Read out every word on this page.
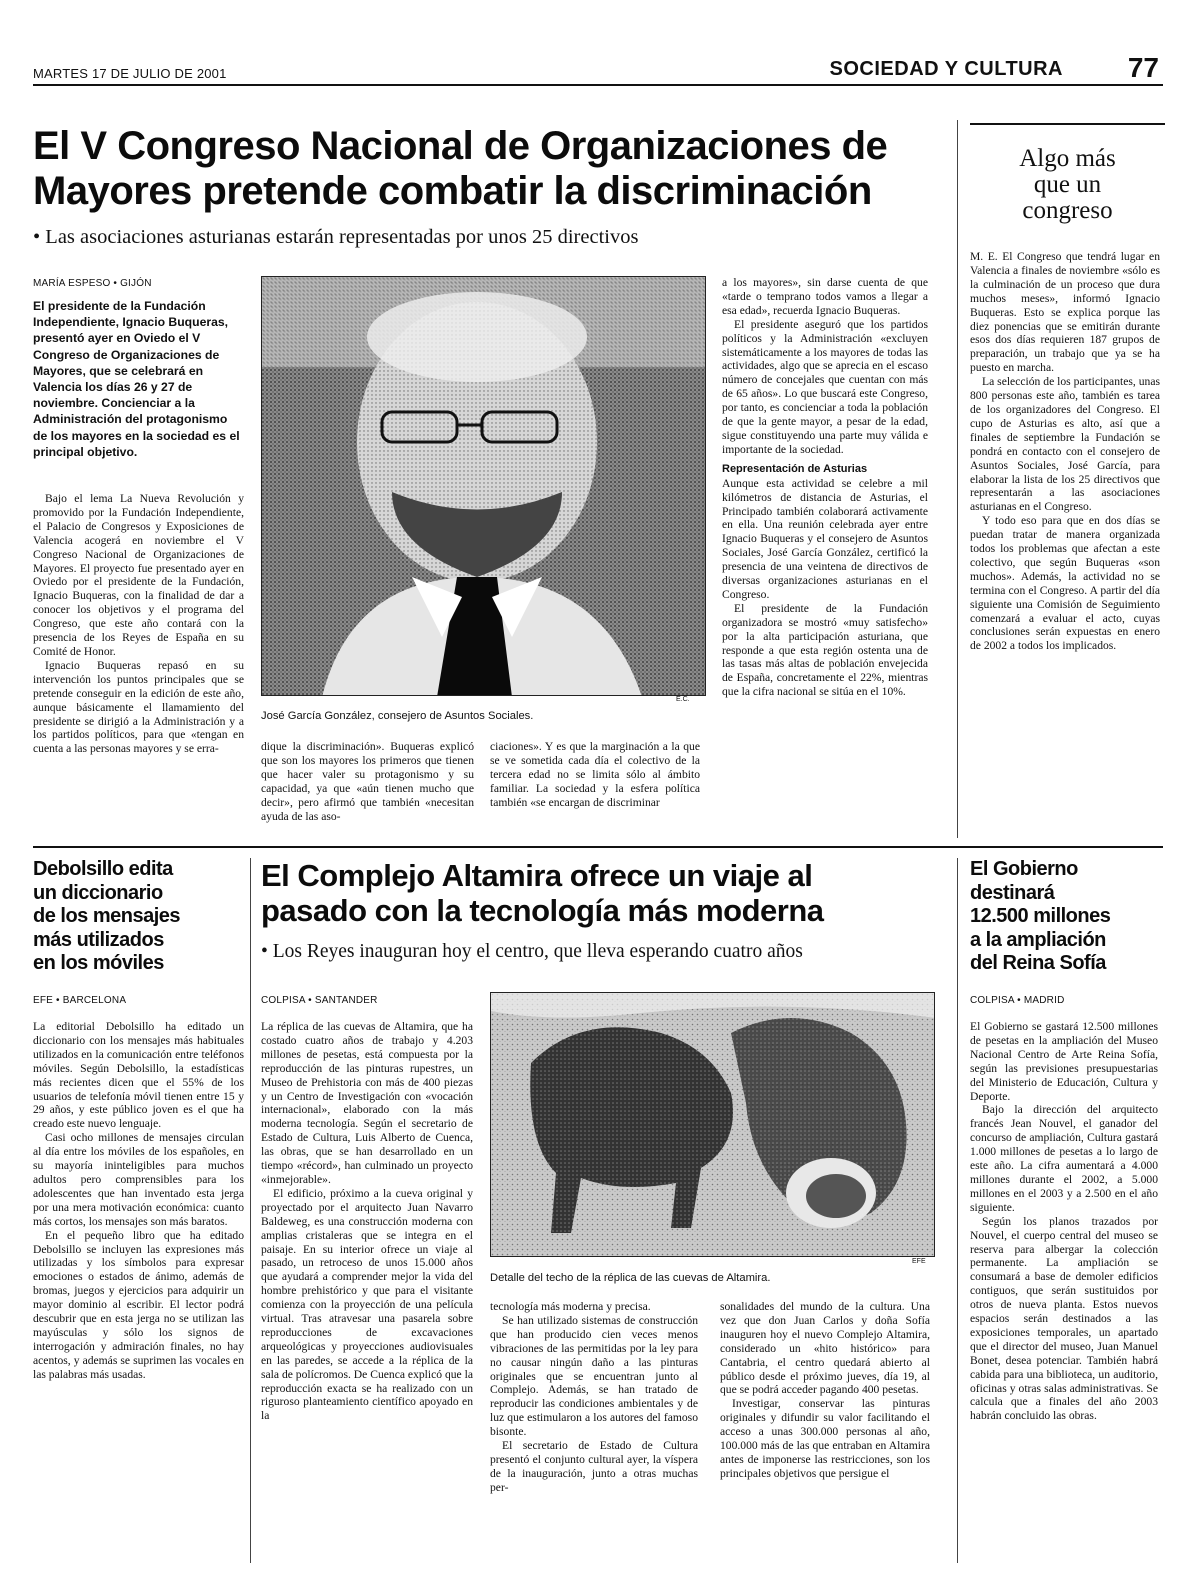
MARTES 17 DE JULIO DE 2001	SOCIEDAD Y CULTURA 77
El V Congreso Nacional de Organizaciones de
Mayores pretende combatir la discriminación
• Las asociaciones asturianas estarán representadas por unos 25 directivos
MARÍA ESPESO • GIJÓN
El presidente de la Fundación Independiente, Ignacio Buqueras, presentó ayer en Oviedo el V Congreso de Organizaciones de Mayores, que se celebrará en Valencia los días 26 y 27 de noviembre. Concienciar a la Administración del protagonismo de los mayores en la sociedad es el principal objetivo.

Bajo el lema La Nueva Revolución y promovido por la Fundación Independiente, el Palacio de Congresos y Exposiciones de Valencia acogerá en noviembre el V Congreso Nacional de Organizaciones de Mayores. El proyecto fue presentado ayer en Oviedo por el presidente de la Fundación, Ignacio Buqueras, con la finalidad de dar a conocer los objetivos y el programa del Congreso, que este año contará con la presencia de los Reyes de España en su Comité de Honor.

Ignacio Buqueras repasó en su intervención los puntos principales que se pretende conseguir en la edición de este año, aunque básicamente el llamamiento del presidente se dirigió a la Administración y a los partidos políticos, para que «tengan en cuenta a las personas mayores y se erra-

E.C.
José García González, consejero de Asuntos Sociales.

dique la discriminación». Buqueras explicó que son los mayores los primeros que tienen que hacer valer su protagonismo y su capacidad, ya que «aún tienen mucho que decir», pero afirmó que también «necesitan ayuda de las aso-

ciaciones». Y es que la marginación a la que se ve sometida cada día el colectivo de la tercera edad no se limita sólo al ámbito familiar. La sociedad y la esfera política también «se encargan de discriminar

a los mayores», sin darse cuenta de que «tarde o temprano todos vamos a llegar a esa edad», recuerda Ignacio Buqueras.

El presidente aseguró que los partidos políticos y la Administración «excluyen sistemáticamente a los mayores de todas las actividades, algo que se aprecia en el escaso número de concejales que cuentan con más de 65 años». Lo que buscará este Congreso, por tanto, es concienciar a toda la población de que la gente mayor, a pesar de la edad, sigue constituyendo una parte muy válida e importante de la sociedad.

Representación de Asturias

Aunque esta actividad se celebre a mil kilómetros de distancia de Asturias, el Principado también colaborará activamente en ella. Una reunión celebrada ayer entre Ignacio Buqueras y el consejero de Asuntos Sociales, José García González, certificó la presencia de una veintena de directivos de diversas organizaciones asturianas en el Congreso.

El presidente de la Fundación organizadora se mostró «muy satisfecho» por la alta participación asturiana, que responde a que esta región ostenta una de las tasas más altas de población envejecida de España, concretamente el 22%, mientras que la cifra nacional se sitúa en el 10%.

Algo más
que un
congreso

M. E. El Congreso que tendrá lugar en Valencia a finales de noviembre «sólo es la culminación de un proceso que dura muchos meses», informó Ignacio Buqueras. Esto se explica porque las diez ponencias que se emitirán durante esos dos días requieren 187 grupos de preparación, un trabajo que ya se ha puesto en marcha.

La selección de los participantes, unas 800 personas este año, también es tarea de los organizadores del Congreso. El cupo de Asturias es alto, así que a finales de septiembre la Fundación se pondrá en contacto con el consejero de Asuntos Sociales, José García, para elaborar la lista de los 25 directivos que representarán a las asociaciones asturianas en el Congreso.

Y todo eso para que en dos días se puedan tratar de manera organizada todos los problemas que afectan a este colectivo, que según Buqueras «son muchos». Además, la actividad no se termina con el Congreso. A partir del día siguiente una Comisión de Seguimiento comenzará a evaluar el acto, cuyas conclusiones serán expuestas en enero de 2002 a todos los implicados.

Debolsillo edita
un diccionario
de los mensajes
más utilizados
en los móviles
EFE • BARCELONA

La editorial Debolsillo ha editado un diccionario con los mensajes más habituales utilizados en la comunicación entre teléfonos móviles. Según Debolsillo, la estadísticas más recientes dicen que el 55% de los usuarios de telefonía móvil tienen entre 15 y 29 años, y este público joven es el que ha creado este nuevo lenguaje.

Casi ocho millones de mensajes circulan al día entre los móviles de los españoles, en su mayoría ininteligibles para muchos adultos pero comprensibles para los adolescentes que han inventado esta jerga por una mera motivación económica: cuanto más cortos, los mensajes son más baratos.

En el pequeño libro que ha editado Debolsillo se incluyen las expresiones más utilizadas y los símbolos para expresar emociones o estados de ánimo, además de bromas, juegos y ejercicios para adquirir un mayor dominio al escribir. El lector podrá descubrir que en esta jerga no se utilizan las mayúsculas y sólo los signos de interrogación y admiración finales, no hay acentos, y además se suprimen las vocales en las palabras más usadas.

El Complejo Altamira ofrece un viaje al
pasado con la tecnología más moderna
• Los Reyes inauguran hoy el centro, que lleva esperando cuatro años
COLPISA • SANTANDER

La réplica de las cuevas de Altamira, que ha costado cuatro años de trabajo y 4.203 millones de pesetas, está compuesta por la reproducción de las pinturas rupestres, un Museo de Prehistoria con más de 400 piezas y un Centro de Investigación con «vocación internacional», elaborado con la más moderna tecnología. Según el secretario de Estado de Cultura, Luis Alberto de Cuenca, las obras, que se han desarrollado en un tiempo «récord», han culminado un proyecto «inmejorable».

El edificio, próximo a la cueva original y proyectado por el arquitecto Juan Navarro Baldeweg, es una construcción moderna con amplias cristaleras que se integra en el paisaje. En su interior ofrece un viaje al pasado, un retroceso de unos 15.000 años que ayudará a comprender mejor la vida del hombre prehistórico y que para el visitante comienza con la proyección de una película virtual. Tras atravesar una pasarela sobre reproducciones de excavaciones arqueológicas y proyecciones audiovisuales en las paredes, se accede a la réplica de la sala de polícromos. De Cuenca explicó que la reproducción exacta se ha realizado con un riguroso planteamiento científico apoyado en la

EFE
Detalle del techo de la réplica de las cuevas de Altamira.

tecnología más moderna y precisa.

Se han utilizado sistemas de construcción que han producido cien veces menos vibraciones de las permitidas por la ley para no causar ningún daño a las pinturas originales que se encuentran junto al Complejo. Además, se han tratado de reproducir las condiciones ambientales y de luz que estimularon a los autores del famoso bisonte.

El secretario de Estado de Cultura presentó el conjunto cultural ayer, la víspera de la inauguración, junto a otras muchas per-

sonalidades del mundo de la cultura. Una vez que don Juan Carlos y doña Sofía inauguren hoy el nuevo Complejo Altamira, considerado un «hito histórico» para Cantabria, el centro quedará abierto al público desde el próximo jueves, día 19, al que se podrá acceder pagando 400 pesetas.

Investigar, conservar las pinturas originales y difundir su valor facilitando el acceso a unas 300.000 personas al año, 100.000 más de las que entraban en Altamira antes de imponerse las restricciones, son los principales objetivos que persigue el

El Gobierno
destinará
12.500 millones
a la ampliación
del Reina Sofía
COLPISA • MADRID

El Gobierno se gastará 12.500 millones de pesetas en la ampliación del Museo Nacional Centro de Arte Reina Sofía, según las previsiones presupuestarias del Ministerio de Educación, Cultura y Deporte.

Bajo la dirección del arquitecto francés Jean Nouvel, el ganador del concurso de ampliación, Cultura gastará 1.000 millones de pesetas a lo largo de este año. La cifra aumentará a 4.000 millones durante el 2002, a 5.000 millones en el 2003 y a 2.500 en el año siguiente.

Según los planos trazados por Nouvel, el cuerpo central del museo se reserva para albergar la colección permanente. La ampliación se consumará a base de demoler edificios contiguos, que serán sustituidos por otros de nueva planta. Estos nuevos espacios serán destinados a las exposiciones temporales, un apartado que el director del museo, Juan Manuel Bonet, desea potenciar. También habrá cabida para una biblioteca, un auditorio, oficinas y otras salas administrativas. Se calcula que a finales del año 2003 habrán concluido las obras.
